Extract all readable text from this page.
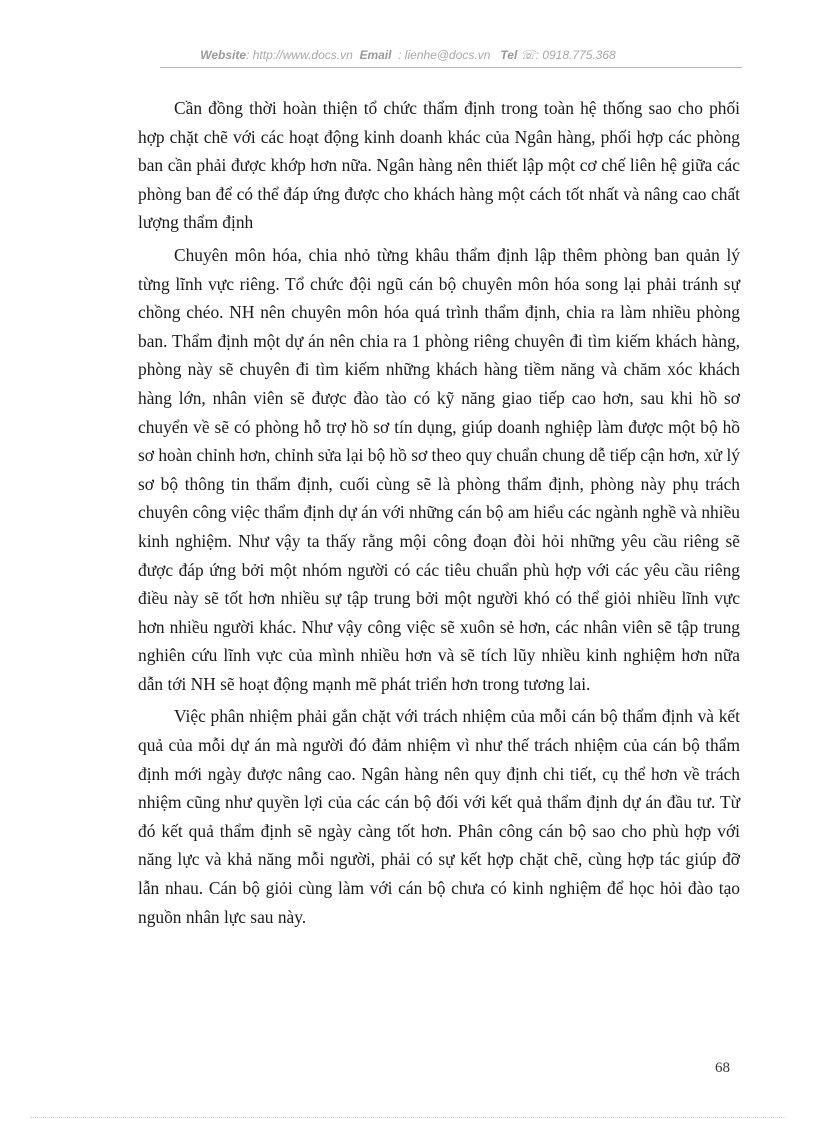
Website: http://www.docs.vn Email : lienhe@docs.vn Tel ☏: 0918.775.368

Cần đồng thời hoàn thiện tổ chức thẩm định trong toàn hệ thống sao cho phối hợp chặt chẽ với các hoạt động kinh doanh khác của Ngân hàng, phối hợp các phòng ban cần phải được khớp hơn nữa. Ngân hàng nên thiết lập một cơ chế liên hệ giữa các phòng ban để có thể đáp ứng được cho khách hàng một cách tốt nhất và nâng cao chất lượng thẩm định

Chuyên môn hóa, chia nhỏ từng khâu thẩm định lập thêm phòng ban quản lý từng lĩnh vực riêng. Tổ chức đội ngũ cán bộ chuyên môn hóa song lại phải tránh sự chồng chéo. NH nên chuyên môn hóa quá trình thẩm định, chia ra làm nhiều phòng ban. Thẩm định một dự án nên chia ra 1 phòng riêng chuyên đi tìm kiếm khách hàng, phòng này sẽ chuyên đi tìm kiếm những khách hàng tiềm năng và chăm xóc khách hàng lớn, nhân viên sẽ được đào tào có kỹ năng giao tiếp cao hơn, sau khi hồ sơ chuyển về sẽ có phòng hỗ trợ hồ sơ tín dụng, giúp doanh nghiệp làm được một bộ hồ sơ hoàn chỉnh hơn, chỉnh sửa lại bộ hồ sơ theo quy chuẩn chung dễ tiếp cận hơn, xử lý sơ bộ thông tin thẩm định, cuối cùng sẽ là phòng thẩm định, phòng này phụ trách chuyên công việc thẩm định dự án với những cán bộ am hiểu các ngành nghề và nhiều kinh nghiệm. Như vậy ta thấy rằng mội công đoạn đòi hỏi những yêu cầu riêng sẽ được đáp ứng bởi một nhóm người có các tiêu chuẩn phù hợp với các yêu cầu riêng điều này sẽ tốt hơn nhiều sự tập trung bởi một người khó có thể giỏi nhiều lĩnh vực hơn nhiều người khác. Như vậy công việc sẽ xuôn sẻ hơn, các nhân viên sẽ tập trung nghiên cứu lĩnh vực của mình nhiều hơn và sẽ tích lũy nhiều kinh nghiệm hơn nữa dẫn tới NH sẽ hoạt động mạnh mẽ phát triển hơn trong tương lai.

Việc phân nhiệm phải gắn chặt với trách nhiệm của mỗi cán bộ thẩm định và kết quả của mỗi dự án mà người đó đảm nhiệm vì như thế trách nhiệm của cán bộ thẩm định mới ngày được nâng cao. Ngân hàng nên quy định chi tiết, cụ thể hơn về trách nhiệm cũng như quyền lợi của các cán bộ đối với kết quả thẩm định dự án đầu tư. Từ đó kết quả thẩm định sẽ ngày càng tốt hơn. Phân công cán bộ sao cho phù hợp với năng lực và khả năng mỗi người, phải có sự kết hợp chặt chẽ, cùng hợp tác giúp đỡ lẫn nhau. Cán bộ giỏi cùng làm với cán bộ chưa có kinh nghiệm để học hỏi đào tạo nguồn nhân lực sau này.

68
